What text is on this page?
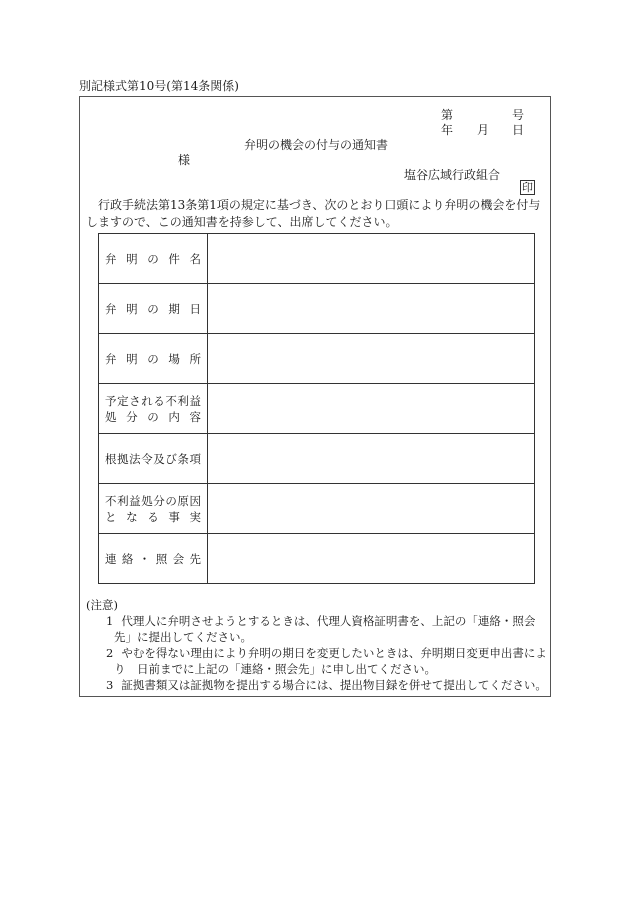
別記様式第10号(第14条関係)
第	号
年 月 日
弁明の機会の付与の通知書
様
塩谷広域行政組合
印
行政手続法第13条第1項の規定に基づき、次のとおり口頭により弁明の機会を付与しますので、この通知書を持参して、出席してください。
弁明の件名	

弁明の期日	

弁明の場所	

予定される不利益
処分の内容	

根拠法令及び条項	

不利益処分の原因
となる事実	

連絡・照会先	

(注意)

1 代理人に弁明させようとするときは、代理人資格証明書を、上記の「連絡・照会先」に提出してください。

2 やむを得ない理由により弁明の期日を変更したいときは、弁明期日変更申出書により　日前までに上記の「連絡・照会先」に申し出てください。

3 証拠書類又は証拠物を提出する場合には、提出物目録を併せて提出してください。
